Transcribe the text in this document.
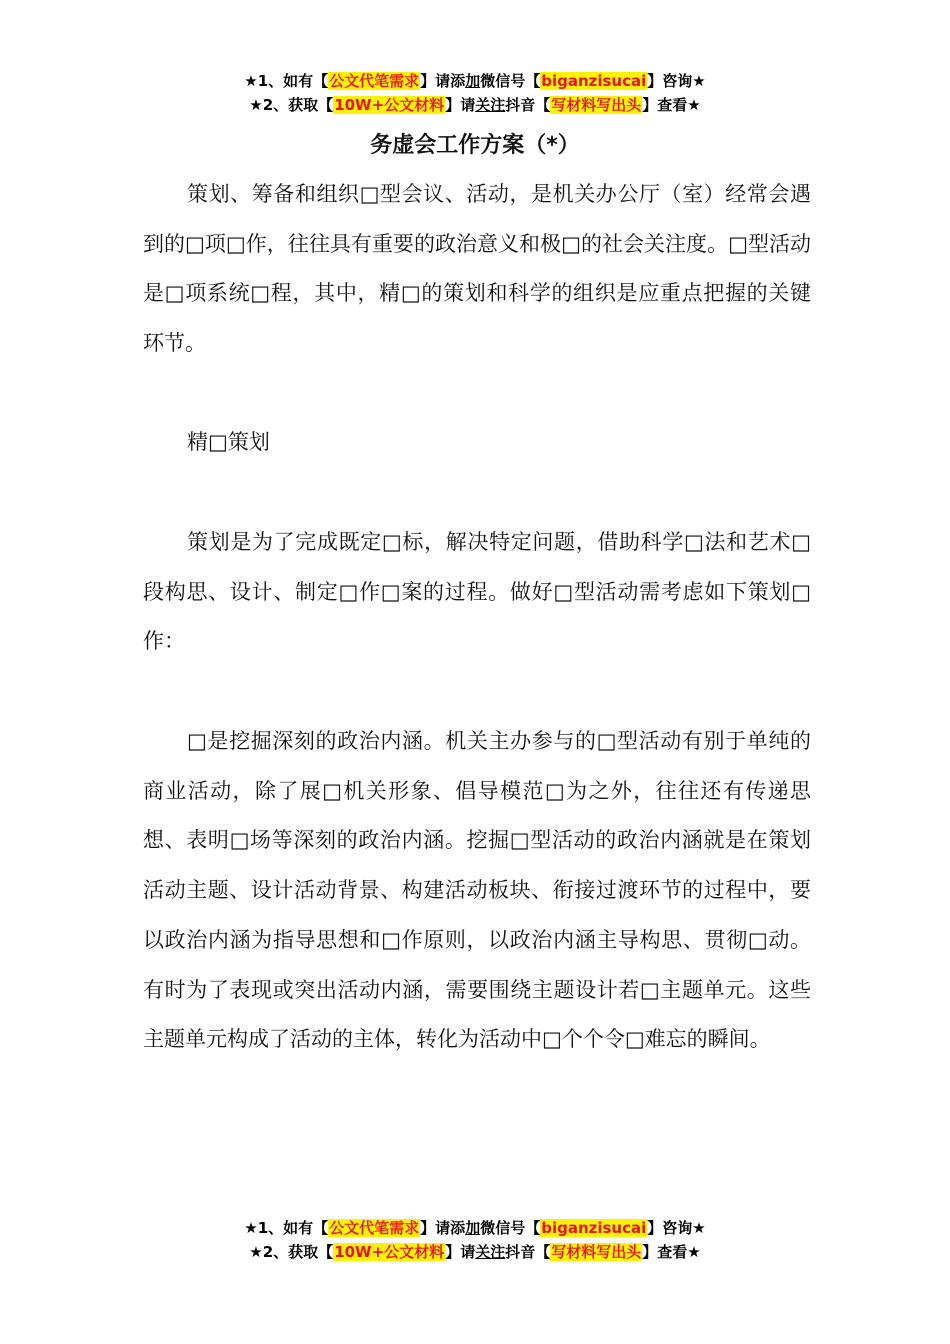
★1、如有【公文代笔需求】请添加微信号【biganzisucai】咨询★
★2、获取【10W+公文材料】请关注抖音【写材料写出头】查看★
务虚会工作方案（*）

策划、筹备和组织□型会议、活动，是机关办公厅（室）经常会遇到的□项□作，往往具有重要的政治意义和极□的社会关注度。□型活动是□项系统□程，其中，精□的策划和科学的组织是应重点把握的关键环节。

精□策划

策划是为了完成既定□标，解决特定问题，借助科学□法和艺术□段构思、设计、制定□作□案的过程。做好□型活动需考虑如下策划□作：

□是挖掘深刻的政治内涵。机关主办参与的□型活动有别于单纯的商业活动，除了展□机关形象、倡导模范□为之外，往往还有传递思想、表明□场等深刻的政治内涵。挖掘□型活动的政治内涵就是在策划活动主题、设计活动背景、构建活动板块、衔接过渡环节的过程中，要以政治内涵为指导思想和□作原则，以政治内涵主导构思、贯彻□动。有时为了表现或突出活动内涵，需要围绕主题设计若□主题单元。这些主题单元构成了活动的主体，转化为活动中□个个令□难忘的瞬间。

★1、如有【公文代笔需求】请添加微信号【biganzisucai】咨询★
★2、获取【10W+公文材料】请关注抖音【写材料写出头】查看★
